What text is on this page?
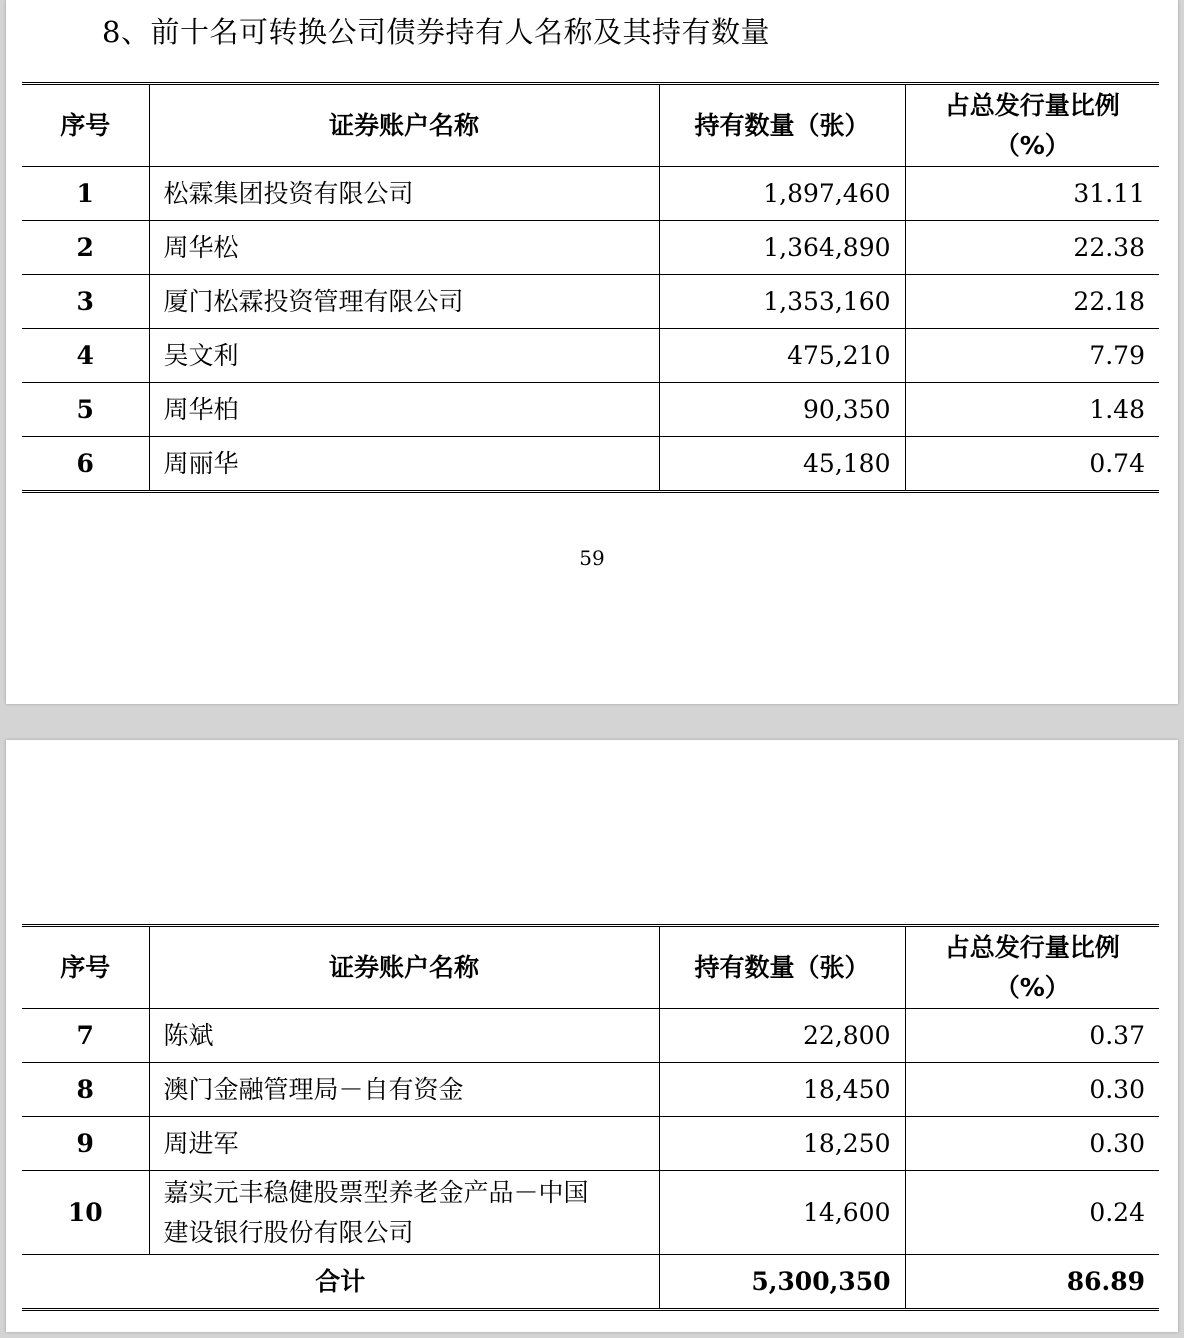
8、前十名可转换公司债券持有人名称及其持有数量
序号	证券账户名称	持有数量（张）	占总发行量比例
（%）
1	松霖集团投资有限公司	1,897,460	31.11
2	周华松	1,364,890	22.38
3	厦门松霖投资管理有限公司	1,353,160	22.18
4	吴文利	475,210	7.79
5	周华柏	90,350	1.48
6	周丽华	45,180	0.74
59
序号	证券账户名称	持有数量（张）	占总发行量比例
（%）
7	陈斌	22,800	0.37
8	澳门金融管理局－自有资金	18,450	0.30
9	周进军	18,250	0.30
10	嘉实元丰稳健股票型养老金产品－中国
建设银行股份有限公司	14,600	0.24
合计		5,300,350	86.89
